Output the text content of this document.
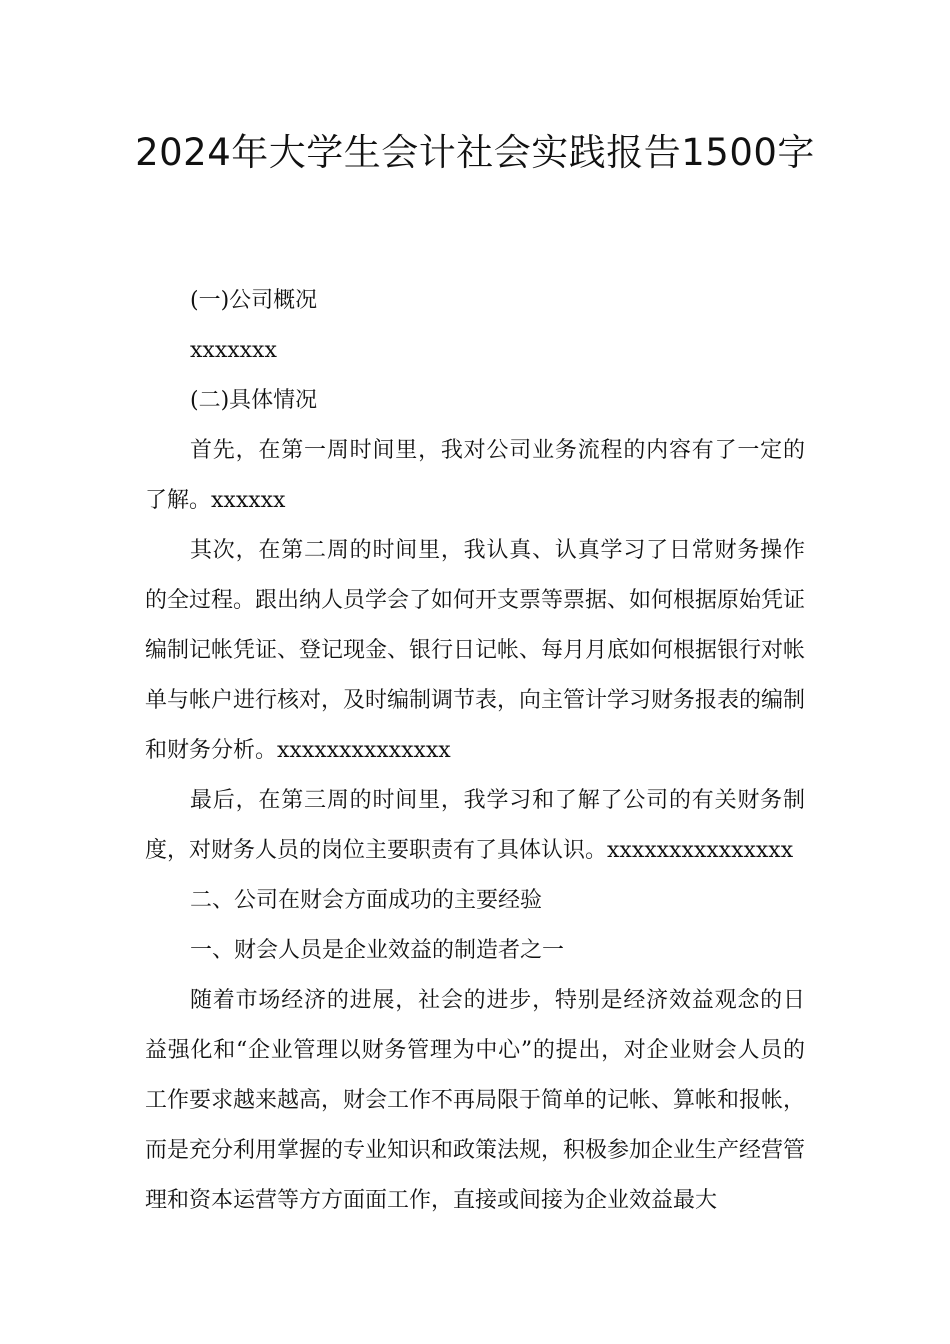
2024年大学生会计社会实践报告1500字

(一)公司概况

xxxxxxx

(二)具体情况

首先，在第一周时间里，我对公司业务流程的内容有了一定的了解。xxxxxx

其次，在第二周的时间里，我认真、认真学习了日常财务操作的全过程。跟出纳人员学会了如何开支票等票据、如何根据原始凭证编制记帐凭证、登记现金、银行日记帐、每月月底如何根据银行对帐单与帐户进行核对，及时编制调节表，向主管计学习财务报表的编制和财务分析。xxxxxxxxxxxxxx

最后，在第三周的时间里，我学习和了解了公司的有关财务制度，对财务人员的岗位主要职责有了具体认识。xxxxxxxxxxxxxxx

二、公司在财会方面成功的主要经验

一、财会人员是企业效益的制造者之一

随着市场经济的进展，社会的进步，特别是经济效益观念的日益强化和“企业管理以财务管理为中心”的提出，对企业财会人员的工作要求越来越高，财会工作不再局限于简单的记帐、算帐和报帐，而是充分利用掌握的专业知识和政策法规，积极参加企业生产经营管理和资本运营等方方面面工作，直接或间接为企业效益最大
